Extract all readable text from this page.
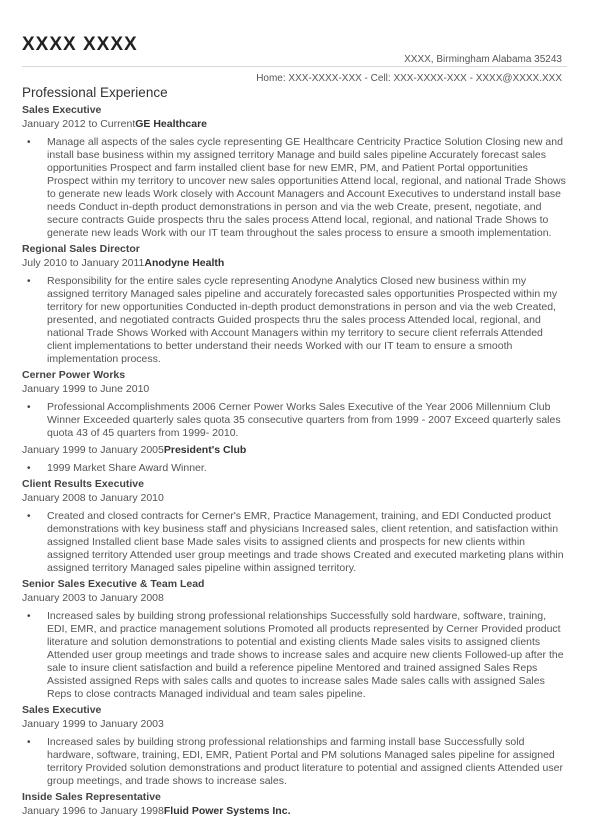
XXXX XXXX
XXXX, Birmingham Alabama 35243
Home: XXX-XXXX-XXX - Cell: XXX-XXXX-XXX - XXXX@XXXX.XXX
Professional Experience
Sales Executive
January 2012 to CurrentGE Healthcare
• Manage all aspects of the sales cycle representing GE Healthcare Centricity Practice Solution Closing new and install base business within my assigned territory Manage and build sales pipeline Accurately forecast sales opportunities Prospect and farm installed client base for new EMR, PM, and Patient Portal opportunities Prospect within my territory to uncover new sales opportunities Attend local, regional, and national Trade Shows to generate new leads Work closely with Account Managers and Account Executives to understand install base needs Conduct in-depth product demonstrations in person and via the web Create, present, negotiate, and secure contracts Guide prospects thru the sales process Attend local, regional, and national Trade Shows to generate new leads Work with our IT team throughout the sales process to ensure a smooth implementation.
Regional Sales Director
July 2010 to January 2011Anodyne Health
• Responsibility for the entire sales cycle representing Anodyne Analytics Closed new business within my assigned territory Managed sales pipeline and accurately forecasted sales opportunities Prospected within my territory for new opportunities Conducted in-depth product demonstrations in person and via the web Created, presented, and negotiated contracts Guided prospects thru the sales process Attended local, regional, and national Trade Shows Worked with Account Managers within my territory to secure client referrals Attended client implementations to better understand their needs Worked with our IT team to ensure a smooth implementation process.
Cerner Power Works
January 1999 to June 2010
• Professional Accomplishments 2006 Cerner Power Works Sales Executive of the Year 2006 Millennium Club Winner Exceeded quarterly sales quota 35 consecutive quarters from from 1999 - 2007 Exceed quarterly sales quota 43 of 45 quarters from 1999- 2010.
January 1999 to January 2005President's Club
• 1999 Market Share Award Winner.
Client Results Executive
January 2008 to January 2010
• Created and closed contracts for Cerner's EMR, Practice Management, training, and EDI Conducted product demonstrations with key business staff and physicians Increased sales, client retention, and satisfaction within assigned Installed client base Made sales visits to assigned clients and prospects for new clients within assigned territory Attended user group meetings and trade shows Created and executed marketing plans within assigned territory Managed sales pipeline within assigned territory.
Senior Sales Executive & Team Lead
January 2003 to January 2008
• Increased sales by building strong professional relationships Successfully sold hardware, software, training, EDI, EMR, and practice management solutions Promoted all products represented by Cerner Provided product literature and solution demonstrations to potential and existing clients Made sales visits to assigned clients Attended user group meetings and trade shows to increase sales and acquire new clients Followed-up after the sale to insure client satisfaction and build a reference pipeline Mentored and trained assigned Sales Reps Assisted assigned Reps with sales calls and quotes to increase sales Made sales calls with assigned Sales Reps to close contracts Managed individual and team sales pipeline.
Sales Executive
January 1999 to January 2003
• Increased sales by building strong professional relationships and farming install base Successfully sold hardware, software, training, EDI, EMR, Patient Portal and PM solutions Managed sales pipeline for assigned territory Provided solution demonstrations and product literature to potential and assigned clients Attended user group meetings, and trade shows to increase sales.
Inside Sales Representative
January 1996 to January 1998Fluid Power Systems Inc.
